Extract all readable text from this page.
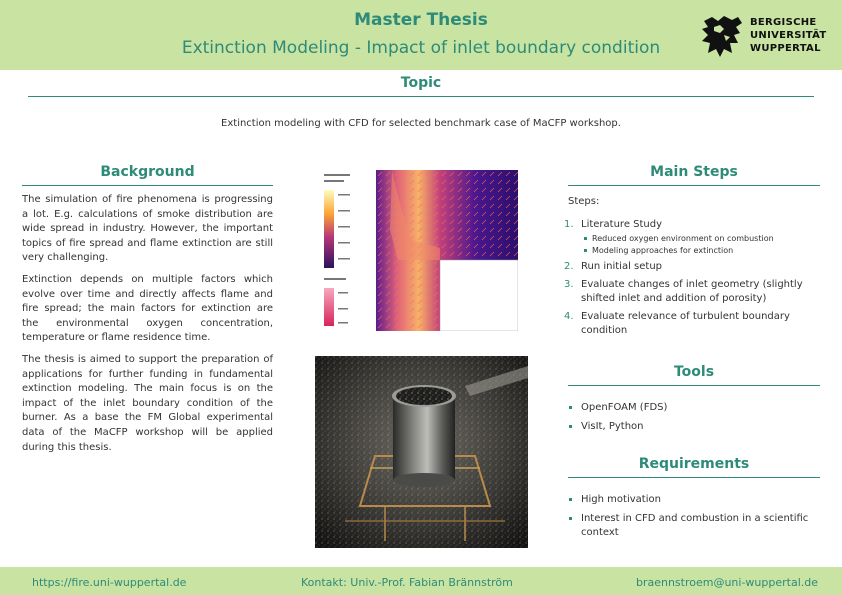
Master Thesis
Extinction Modeling - Impact of inlet boundary condition
BERGISCHE
UNIVERSITÄT
WUPPERTAL
Topic
Extinction modeling with CFD for selected benchmark case of MaCFP workshop.
Background

The simulation of fire phenomena is progressing a lot. E.g. calculations of smoke distribution are wide spread in industry. However, the important topics of fire spread and flame extinction are still very challenging.

Extinction depends on multiple factors which evolve over time and directly affects flame and fire spread; the main factors for extinction are the environmental oxygen concentration, temperature or flame residence time.

The thesis is aimed to support the preparation of applications for further funding in fundamental extinction modeling. The main focus is on the impact of the inlet boundary condition of the burner. As a base the FM Global experimental data of the MaCFP workshop will be applied during this thesis.

Main Steps
Steps:
1. Literature Study
Reduced oxygen environment on combustion
Modeling approaches for extinction
2. Run initial setup
3. Evaluate changes of inlet geometry (slightly shifted inlet and addition of porosity)
4. Evaluate relevance of turbulent boundary condition
Tools
OpenFOAM (FDS)
VisIt, Python
Requirements
High motivation
Interest in CFD and combustion in a scientific context
https://fire.uni-wuppertal.de	Kontakt: Univ.-Prof. Fabian Brännström	braennstroem@uni-wuppertal.de
